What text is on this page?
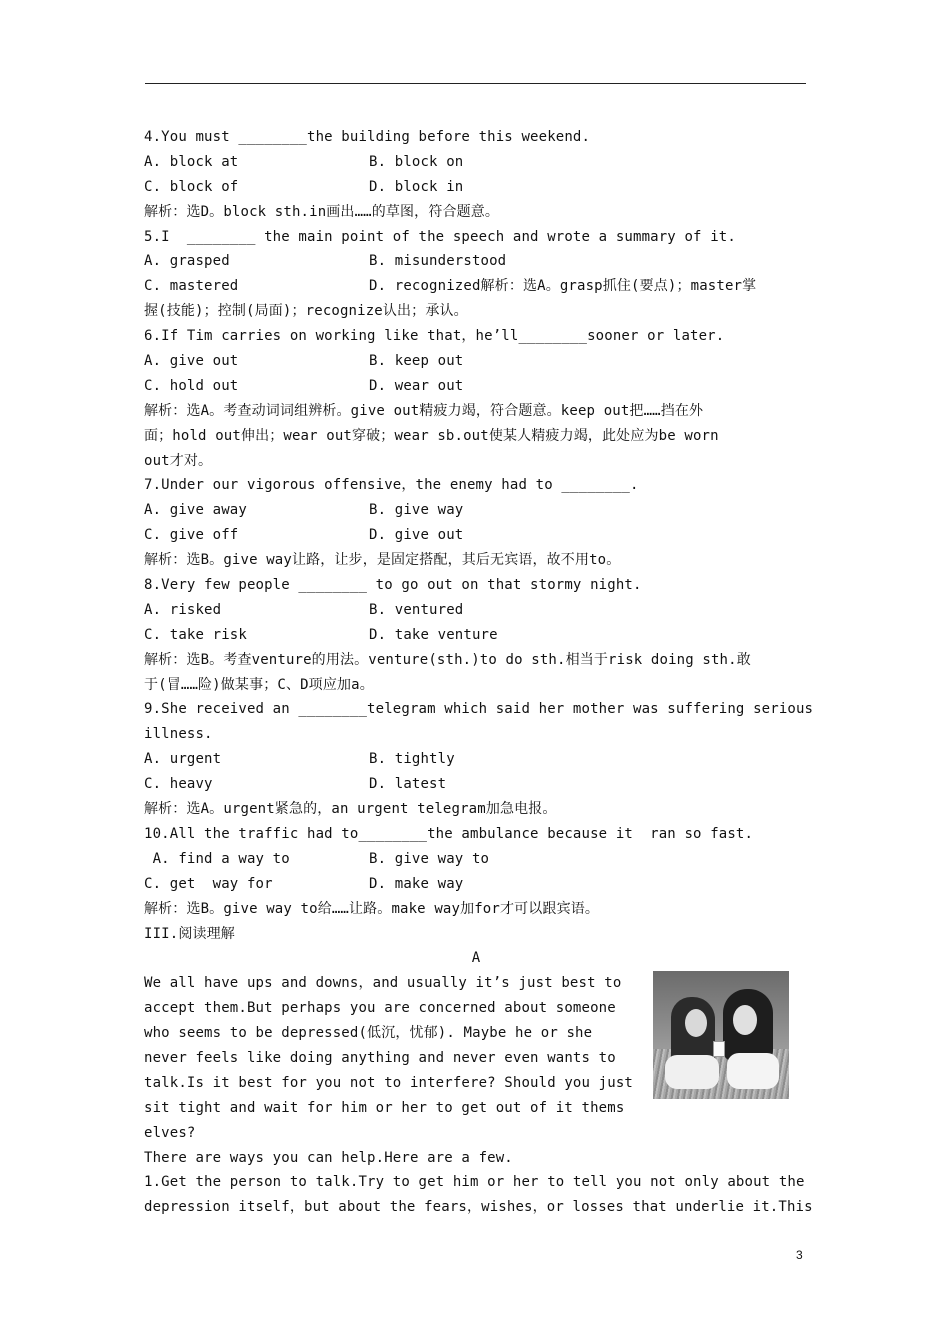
4.You must ________the building before this weekend.
A. block at	B. block on
C. block of	D. block in
解析：选D。block sth.in画出……的草图，符合题意。
5.I  ________ the main point of the speech and wrote a summary of it.
A. grasped	B. misunderstood
C. mastered	D. recognized解析：选A。grasp抓住(要点)；master掌
握(技能)；控制(局面)；recognize认出；承认。
6.If Tim carries on working like that，he’ll________sooner or later.
A. give out	B. keep out
C. hold out	D. wear out
解析：选A。考查动词词组辨析。give out精疲力竭，符合题意。keep out把……挡在外
面；hold out伸出；wear out穿破；wear sb.out使某人精疲力竭，此处应为be worn
out才对。
7.Under our vigorous offensive，the enemy had to ________.
A. give away	B. give way
C. give off	D. give out
解析：选B。give way让路，让步，是固定搭配，其后无宾语，故不用to。
8.Very few people ________ to go out on that stormy night.
A. risked	B. ventured
C. take risk	D. take venture
解析：选B。考查venture的用法。venture(sth.)to do sth.相当于risk doing sth.敢
于(冒……险)做某事；C、D项应加a。
9.She received an ________telegram which said her mother was suffering serious
illness.
A. urgent	B. tightly
C. heavy	D. latest
解析：选A。urgent紧急的，an urgent telegram加急电报。
10.All the traffic had to________the ambulance because it  ran so fast.
A. find a way to	B. give way to
C. get  way for	D. make way
解析：选B。give way to给……让路。make way加for才可以跟宾语。
III.阅读理解
A
We all have ups and downs，and usually it’s just best to
accept them.But perhaps you are concerned about someone
who seems to be depressed(低沉，忧郁). Maybe he or she
never feels like doing anything and never even wants to
talk.Is it best for you not to interfere? Should you just
sit tight and wait for him or her to get out of it thems
elves?
There are ways you can help.Here are a few.
1.Get the person to talk.Try to get him or her to tell you not only about the
depression itself，but about the fears，wishes，or losses that underlie it.This
3
